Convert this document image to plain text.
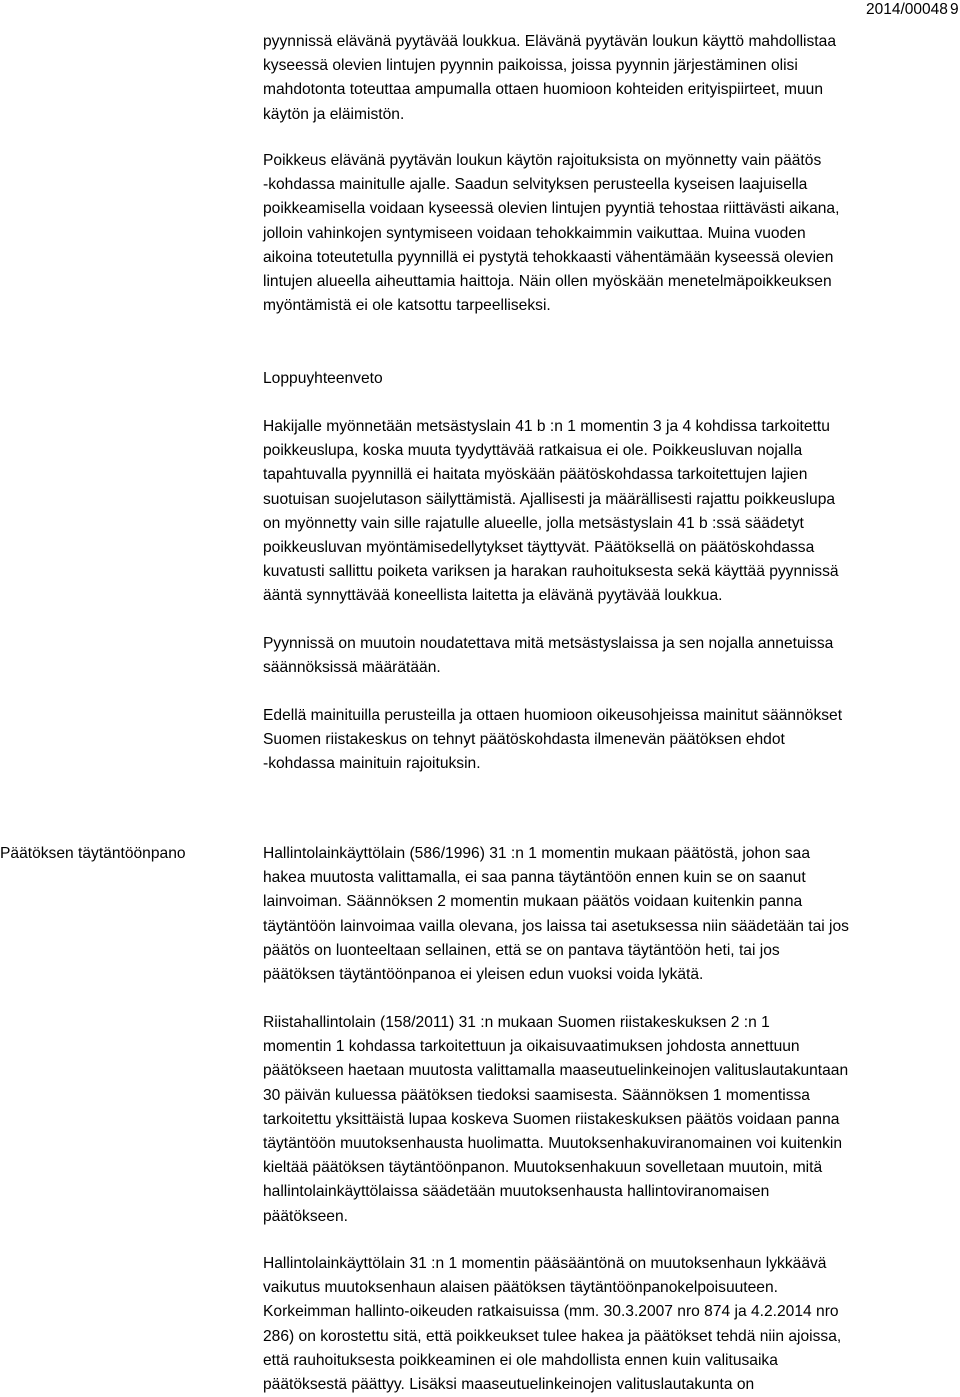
2014/00048 9
pyynnissä elävänä pyytävää loukkua. Elävänä pyytävän loukun käyttö mahdollistaa
kyseessä olevien lintujen pyynnin paikoissa, joissa pyynnin järjestäminen olisi
mahdotonta toteuttaa ampumalla ottaen huomioon kohteiden erityispiirteet, muun
käytön ja eläimistön.
Poikkeus elävänä pyytävän loukun käytön rajoituksista on myönnetty vain päätös
-kohdassa mainitulle ajalle. Saadun selvityksen perusteella kyseisen laajuisella
poikkeamisella voidaan kyseessä olevien lintujen pyyntiä tehostaa riittävästi aikana,
jolloin vahinkojen syntymiseen voidaan tehokkaimmin vaikuttaa. Muina vuoden
aikoina toteutetulla pyynnillä ei pystytä tehokkaasti vähentämään kyseessä olevien
lintujen alueella aiheuttamia haittoja. Näin ollen myöskään menetelmäpoikkeuksen
myöntämistä ei ole katsottu tarpeelliseksi.
Loppuyhteenveto
Hakijalle myönnetään metsästyslain 41 b :n 1 momentin 3 ja 4 kohdissa tarkoitettu
poikkeuslupa, koska muuta tyydyttävää ratkaisua ei ole. Poikkeusluvan nojalla
tapahtuvalla pyynnillä ei haitata myöskään päätöskohdassa tarkoitettujen lajien
suotuisan suojelutason säilyttämistä. Ajallisesti ja määrällisesti rajattu poikkeuslupa
on myönnetty vain sille rajatulle alueelle, jolla metsästyslain 41 b :ssä säädetyt
poikkeusluvan myöntämisedellytykset täyttyvät. Päätöksellä on päätöskohdassa
kuvatusti sallittu poiketa variksen ja harakan rauhoituksesta sekä käyttää pyynnissä
ääntä synnyttävää koneellista laitetta ja elävänä pyytävää loukkua.
Pyynnissä on muutoin noudatettava mitä metsästyslaissa ja sen nojalla annetuissa
säännöksissä määrätään.
Edellä mainituilla perusteilla ja ottaen huomioon oikeusohjeissa mainitut säännökset
Suomen riistakeskus on tehnyt päätöskohdasta ilmenevän päätöksen ehdot
-kohdassa mainituin rajoituksin.
Päätöksen täytäntöönpano	Hallintolainkäyttölain (586/1996) 31 :n 1 momentin mukaan päätöstä, johon saa
hakea muutosta valittamalla, ei saa panna täytäntöön ennen kuin se on saanut
lainvoiman. Säännöksen 2 momentin mukaan päätös voidaan kuitenkin panna
täytäntöön lainvoimaa vailla olevana, jos laissa tai asetuksessa niin säädetään tai jos
päätös on luonteeltaan sellainen, että se on pantava täytäntöön heti, tai jos
päätöksen täytäntöönpanoa ei yleisen edun vuoksi voida lykätä.
Riistahallintolain (158/2011) 31 :n mukaan Suomen riistakeskuksen 2 :n 1
momentin 1 kohdassa tarkoitettuun ja oikaisuvaatimuksen johdosta annettuun
päätökseen haetaan muutosta valittamalla maaseutuelinkeinojen valituslautakuntaan
30 päivän kuluessa päätöksen tiedoksi saamisesta. Säännöksen 1 momentissa
tarkoitettu yksittäistä lupaa koskeva Suomen riistakeskuksen päätös voidaan panna
täytäntöön muutoksenhausta huolimatta. Muutoksenhakuviranomainen voi kuitenkin
kieltää päätöksen täytäntöönpanon. Muutoksenhakuun sovelletaan muutoin, mitä
hallintolainkäyttölaissa säädetään muutoksenhausta hallintoviranomaisen
päätökseen.
Hallintolainkäyttölain 31 :n 1 momentin pääsääntönä on muutoksenhaun lykkäävä
vaikutus muutoksenhaun alaisen päätöksen täytäntöönpanokelpoisuuteen.
Korkeimman hallinto-oikeuden ratkaisuissa (mm. 30.3.2007 nro 874 ja 4.2.2014 nro
286) on korostettu sitä, että poikkeukset tulee hakea ja päätökset tehdä niin ajoissa,
että rauhoituksesta poikkeaminen ei ole mahdollista ennen kuin valitusaika
päätöksestä päättyy. Lisäksi maaseutuelinkeinojen valituslautakunta on
